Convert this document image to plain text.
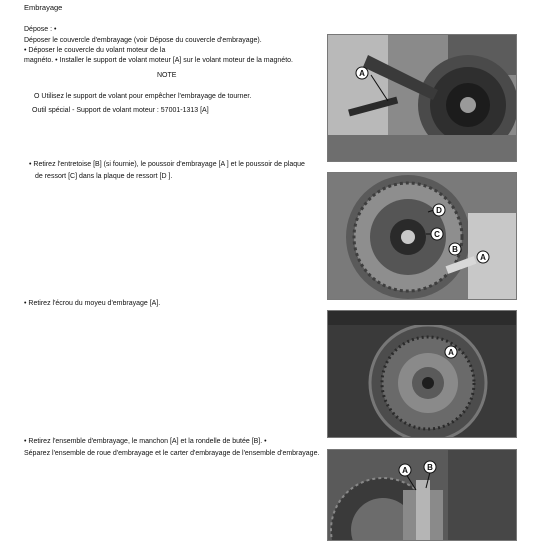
Embrayage
Dépose : •
Déposer le couvercle d'embrayage (voir Dépose du couvercle d'embrayage).
• Déposer le couvercle du volant moteur de la
magnéto. • Installer le support de volant moteur [A] sur le volant moteur de la magnéto.
NOTE
O Utilisez le support de volant pour empêcher l'embrayage de tourner.
Outil spécial - Support de volant moteur : 57001-1313 [A]
• Retirez l'entretoise [B] (si fournie), le poussoir d'embrayage [A ] et le poussoir de plaque
de ressort [C] dans la plaque de ressort [D ].
• Retirez l'écrou du moyeu d'embrayage [A].
• Retirez l'ensemble d'embrayage, le manchon [A] et la rondelle de butée [B]. •
Séparez l'ensemble de roue d'embrayage et le carter d'embrayage de l'ensemble d'embrayage.
A
D
C
B
A
A
A B
